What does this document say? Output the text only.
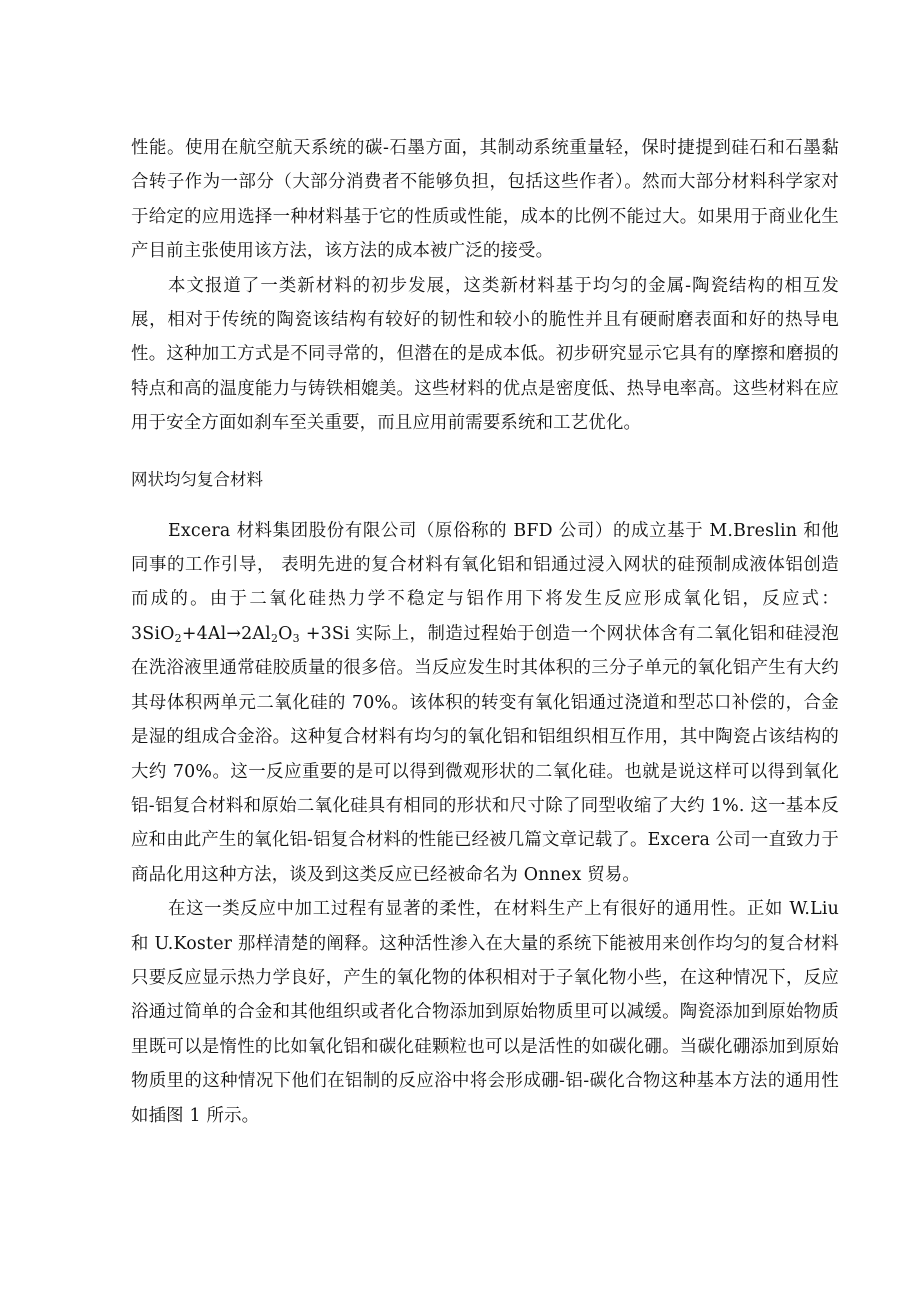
性能。使用在航空航天系统的碳-石墨方面，其制动系统重量轻，保时捷提到硅石和石墨黏合转子作为一部分（大部分消费者不能够负担，包括这些作者）。然而大部分材料科学家对于给定的应用选择一种材料基于它的性质或性能，成本的比例不能过大。如果用于商业化生产目前主张使用该方法，该方法的成本被广泛的接受。

本文报道了一类新材料的初步发展，这类新材料基于均匀的金属-陶瓷结构的相互发展，相对于传统的陶瓷该结构有较好的韧性和较小的脆性并且有硬耐磨表面和好的热导电性。这种加工方式是不同寻常的，但潜在的是成本低。初步研究显示它具有的摩擦和磨损的特点和高的温度能力与铸铁相媲美。这些材料的优点是密度低、热导电率高。这些材料在应用于安全方面如刹车至关重要，而且应用前需要系统和工艺优化。

网状均匀复合材料

Excera 材料集团股份有限公司（原俗称的 BFD 公司）的成立基于 M.Breslin 和他同事的工作引导， 表明先进的复合材料有氧化铝和铝通过浸入网状的硅预制成液体铝创造而成的。由于二氧化硅热力学不稳定与铝作用下将发生反应形成氧化铝，反应式：$3SiO_2+4Al\to 2Al_2O_3 +3Si$ 实际上，制造过程始于创造一个网状体含有二氧化铝和硅浸泡在洗浴液里通常硅胶质量的很多倍。当反应发生时其体积的三分子单元的氧化铝产生有大约其母体积两单元二氧化硅的 70%。该体积的转变有氧化铝通过浇道和型芯口补偿的，合金是湿的组成合金浴。这种复合材料有均匀的氧化铝和铝组织相互作用，其中陶瓷占该结构的大约 70%。这一反应重要的是可以得到微观形状的二氧化硅。也就是说这样可以得到氧化铝-铝复合材料和原始二氧化硅具有相同的形状和尺寸除了同型收缩了大约 1%. 这一基本反应和由此产生的氧化铝-铝复合材料的性能已经被几篇文章记载了。Excera 公司一直致力于商品化用这种方法，谈及到这类反应已经被命名为 Onnex 贸易。

在这一类反应中加工过程有显著的柔性，在材料生产上有很好的通用性。正如 W.Liu 和 U.Koster 那样清楚的阐释。这种活性渗入在大量的系统下能被用来创作均匀的复合材料只要反应显示热力学良好，产生的氧化物的体积相对于子氧化物小些，在这种情况下，反应浴通过简单的合金和其他组织或者化合物添加到原始物质里可以减缓。陶瓷添加到原始物质里既可以是惰性的比如氧化铝和碳化硅颗粒也可以是活性的如碳化硼。当碳化硼添加到原始物质里的这种情况下他们在铝制的反应浴中将会形成硼-铝-碳化合物这种基本方法的通用性如插图 1 所示。
